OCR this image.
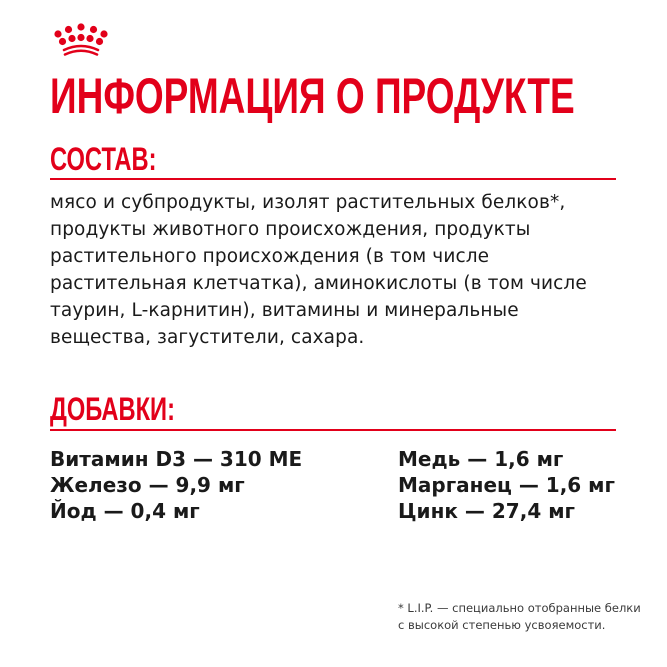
ИНФОРМАЦИЯ О ПРОДУКТЕ
СОСТАВ:

мясо и субпродукты, изолят растительных белков*,
продукты животного происхождения, продукты
растительного происхождения (в том числе
растительная клетчатка), аминокислоты (в том числе
таурин, L-карнитин), витамины и минеральные
вещества, загустители, сахара.

ДОБАВКИ:
Витамин D3 — 310 МЕ
Железо — 9,9 мг
Йод — 0,4 мг
Медь — 1,6 мг
Марганец — 1,6 мг
Цинк — 27,4 мг

* L.I.P. — специально отобранные белки
с высокой степенью усвояемости.
